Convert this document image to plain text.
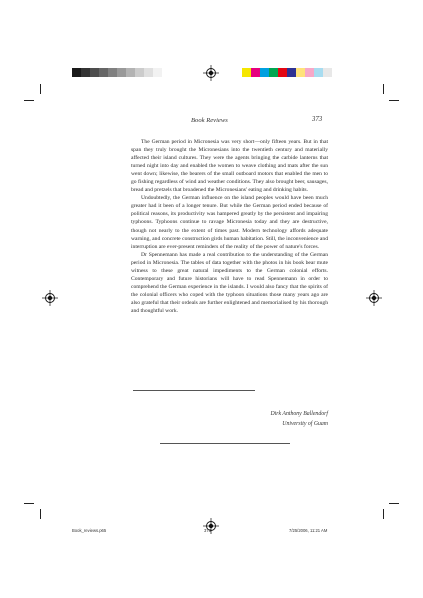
Book Reviews	373

The German period in Micronesia was very short—only fifteen years. But in that span they truly brought the Micronesians into the twentieth century and materially affected their island cultures. They were the agents bringing the carbide lanterns that turned night into day and enabled the women to weave clothing and mats after the sun went down; likewise, the bearers of the small outboard motors that enabled the men to go fishing regardless of wind and weather conditions. They also brought beer, sausages, bread and pretzels that broadened the Micronesians' eating and drinking habits.

Undoubtedly, the German influence on the island peoples would have been much greater had it been of a longer tenure. But while the German period ended because of political reasons, its productivity was hampered greatly by the persistent and impairing typhoons. Typhoons continue to ravage Micronesia today and they are destructive, though not nearly to the extent of times past. Modern technology affords adequate warning, and concrete construction girds human habitation. Still, the inconvenience and interruption are ever-present reminders of the reality of the power of nature's forces.

Dr Spennemann has made a real contribution to the understanding of the German period in Micronesia. The tables of data together with the photos in his book bear mute witness to these great natural impediments to the German colonial efforts. Contemporary and future historians will have to read Spennemann in order to comprehend the German experience in the islands. I would also fancy that the spirits of the colonial officers who coped with the typhoon situations those many years ago are also grateful that their ordeals are further enlightened and memorialised by his thorough and thoughtful work.

Dirk Anthony Ballendorf
University of Guam
Book_reviews.p65	373	7/25/2006, 11:21 AM
